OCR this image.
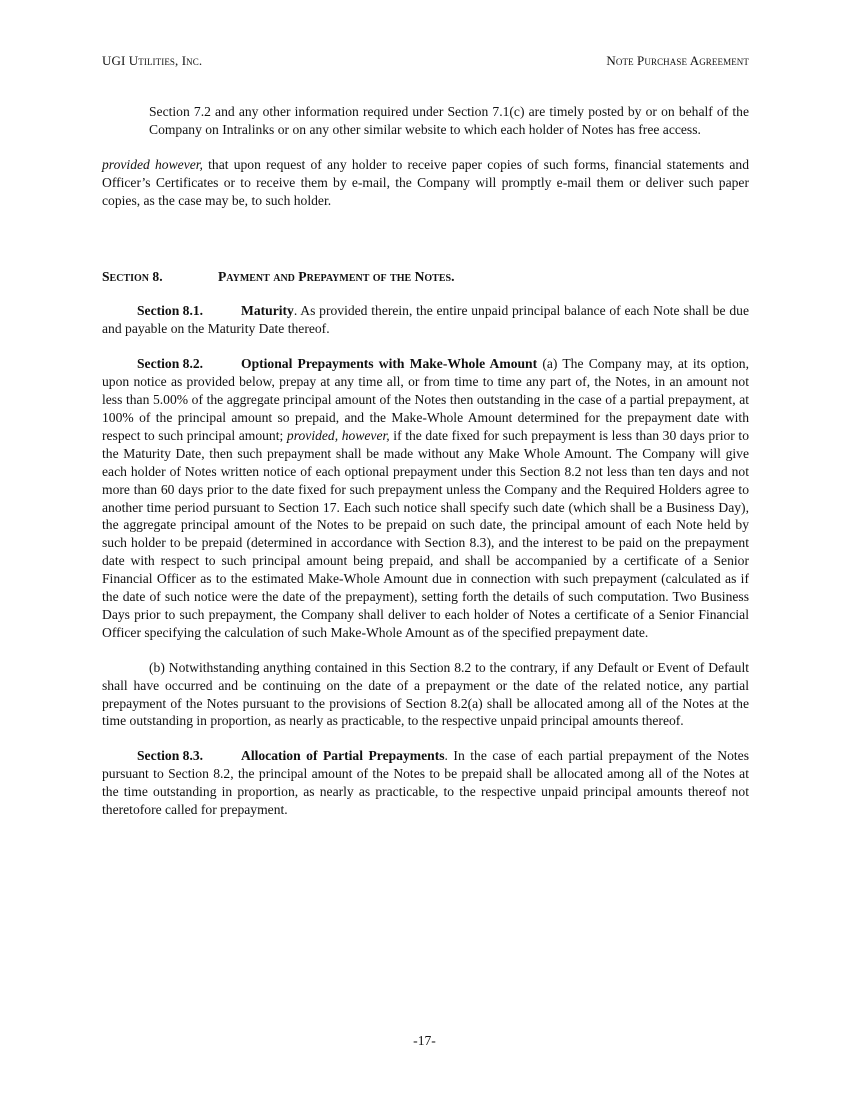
UGI Utilities, Inc.	Note Purchase Agreement

Section 7.2 and any other information required under Section 7.1(c) are timely posted by or on behalf of the Company on Intralinks or on any other similar website to which each holder of Notes has free access.

provided however, that upon request of any holder to receive paper copies of such forms, financial statements and Officer’s Certificates or to receive them by e-mail, the Company will promptly e-mail them or deliver such paper copies, as the case may be, to such holder.

Section 8.	Payment and Prepayment of the Notes.

Section 8.1.	Maturity. As provided therein, the entire unpaid principal balance of each Note shall be due and payable on the Maturity Date thereof.

Section 8.2.	Optional Prepayments with Make-Whole Amount (a) The Company may, at its option, upon notice as provided below, prepay at any time all, or from time to time any part of, the Notes, in an amount not less than 5.00% of the aggregate principal amount of the Notes then outstanding in the case of a partial prepayment, at 100% of the principal amount so prepaid, and the Make-Whole Amount determined for the prepayment date with respect to such principal amount; provided, however, if the date fixed for such prepayment is less than 30 days prior to the Maturity Date, then such prepayment shall be made without any Make Whole Amount. The Company will give each holder of Notes written notice of each optional prepayment under this Section 8.2 not less than ten days and not more than 60 days prior to the date fixed for such prepayment unless the Company and the Required Holders agree to another time period pursuant to Section 17. Each such notice shall specify such date (which shall be a Business Day), the aggregate principal amount of the Notes to be prepaid on such date, the principal amount of each Note held by such holder to be prepaid (determined in accordance with Section 8.3), and the interest to be paid on the prepayment date with respect to such principal amount being prepaid, and shall be accompanied by a certificate of a Senior Financial Officer as to the estimated Make-Whole Amount due in connection with such prepayment (calculated as if the date of such notice were the date of the prepayment), setting forth the details of such computation. Two Business Days prior to such prepayment, the Company shall deliver to each holder of Notes a certificate of a Senior Financial Officer specifying the calculation of such Make-Whole Amount as of the specified prepayment date.

(b) Notwithstanding anything contained in this Section 8.2 to the contrary, if any Default or Event of Default shall have occurred and be continuing on the date of a prepayment or the date of the related notice, any partial prepayment of the Notes pursuant to the provisions of Section 8.2(a) shall be allocated among all of the Notes at the time outstanding in proportion, as nearly as practicable, to the respective unpaid principal amounts thereof.

Section 8.3.	Allocation of Partial Prepayments. In the case of each partial prepayment of the Notes pursuant to Section 8.2, the principal amount of the Notes to be prepaid shall be allocated among all of the Notes at the time outstanding in proportion, as nearly as practicable, to the respective unpaid principal amounts thereof not theretofore called for prepayment.

-17-
